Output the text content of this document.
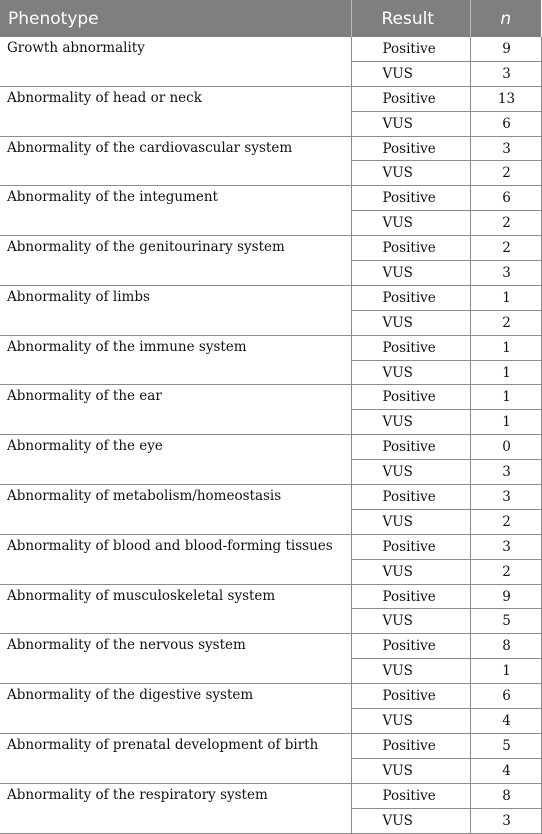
Phenotype	Result	n
Growth abnormality	Positive	9
	VUS	3
Abnormality of head or neck	Positive	13
	VUS	6
Abnormality of the cardiovascular system	Positive	3
	VUS	2
Abnormality of the integument	Positive	6
	VUS	2
Abnormality of the genitourinary system	Positive	2
	VUS	3
Abnormality of limbs	Positive	1
	VUS	2
Abnormality of the immune system	Positive	1
	VUS	1
Abnormality of the ear	Positive	1
	VUS	1
Abnormality of the eye	Positive	0
	VUS	3
Abnormality of metabolism/homeostasis	Positive	3
	VUS	2
Abnormality of blood and blood-forming tissues	Positive	3
	VUS	2
Abnormality of musculoskeletal system	Positive	9
	VUS	5
Abnormality of the nervous system	Positive	8
	VUS	1
Abnormality of the digestive system	Positive	6
	VUS	4
Abnormality of prenatal development of birth	Positive	5
	VUS	4
Abnormality of the respiratory system	Positive	8
	VUS	3
